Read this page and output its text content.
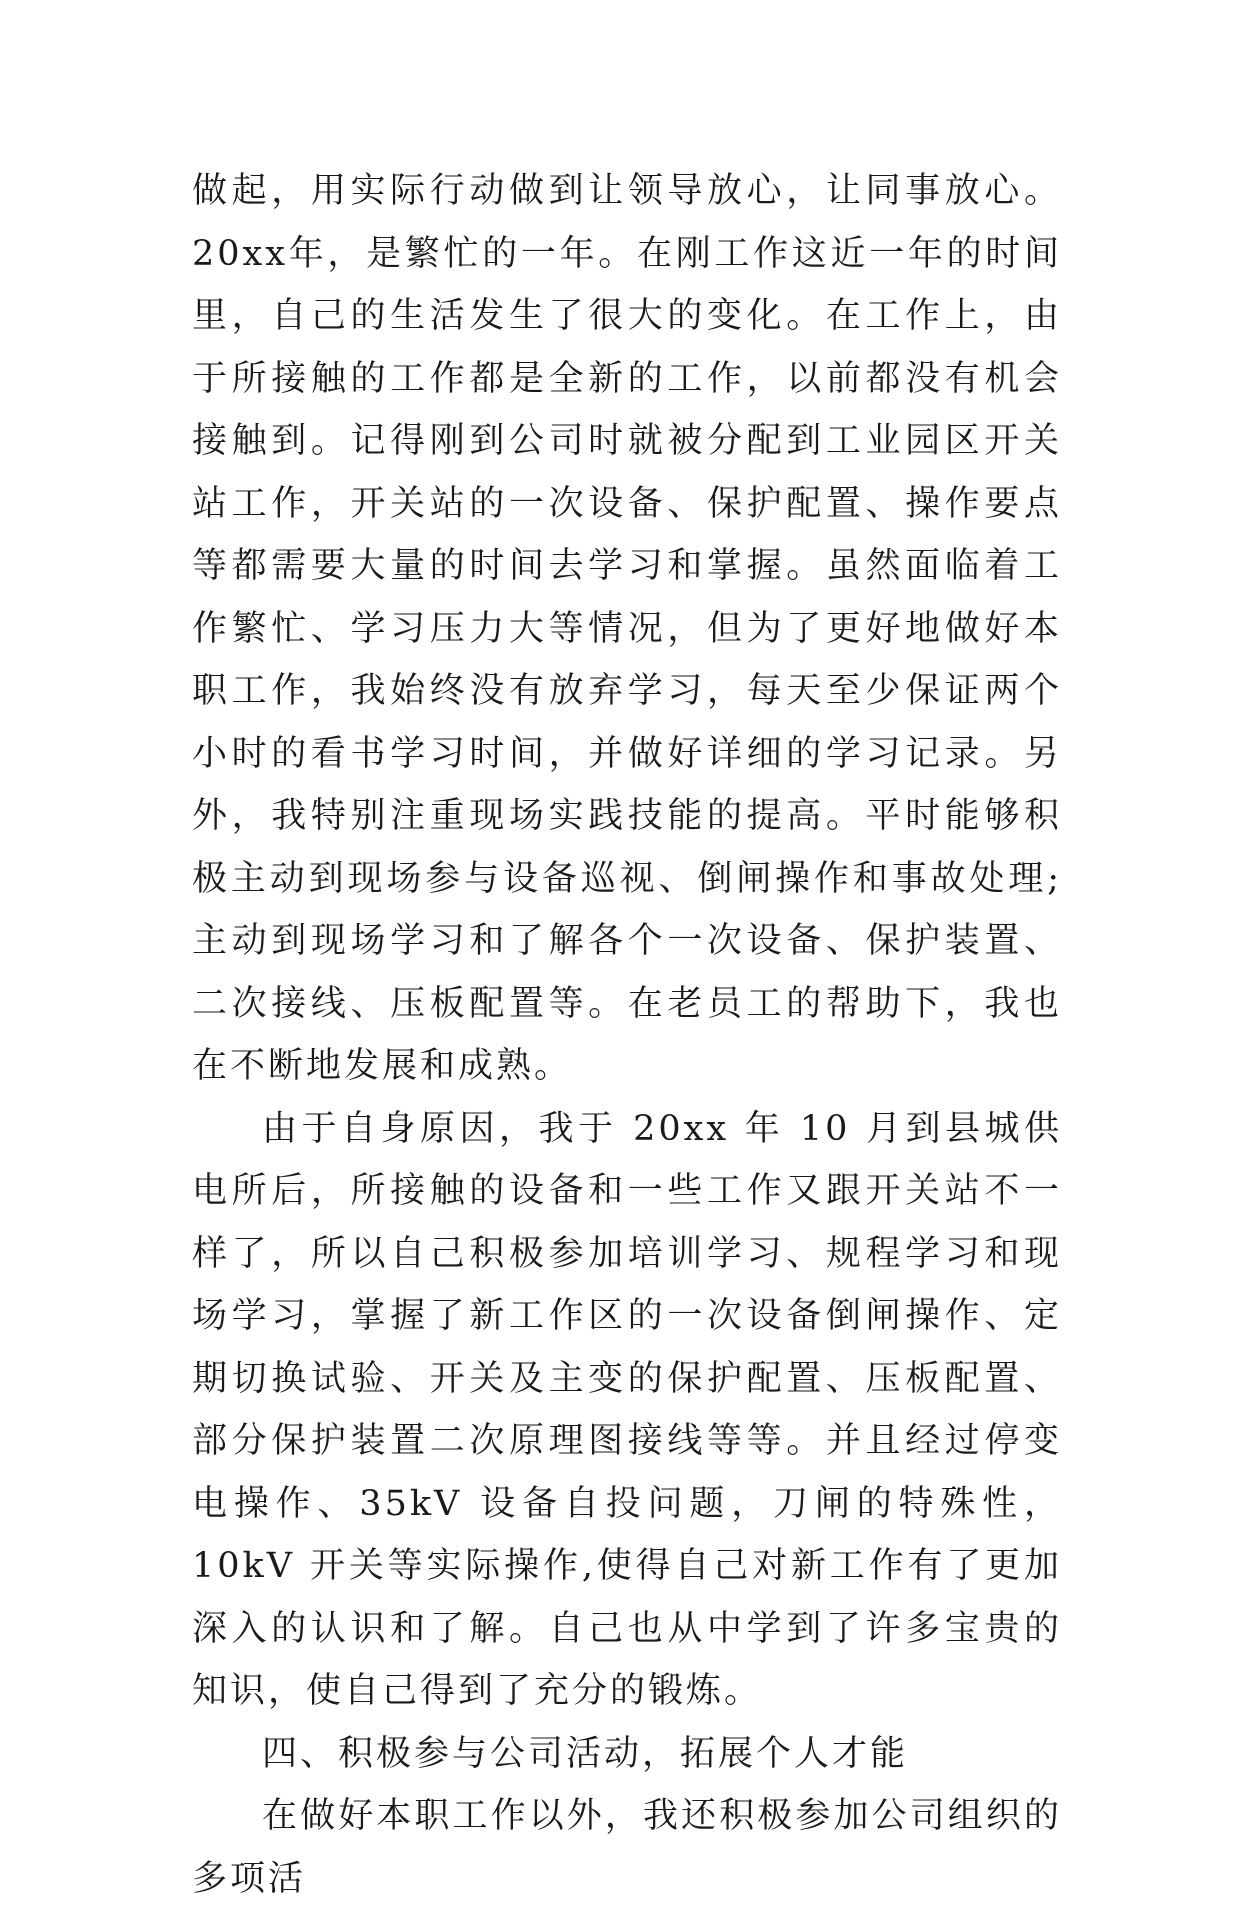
做起，用实际行动做到让领导放心，让同事放心。 20xx年，是繁忙的一年。在刚工作这近一年的时间里，自己的生活发生了很大的变化。在工作上，由于所接触的工作都是全新的工作，以前都没有机会接触到。记得刚到公司时就被分配到工业园区开关站工作，开关站的一次设备、保护配置、操作要点等都需要大量的时间去学习和掌握。虽然面临着工作繁忙、学习压力大等情况，但为了更好地做好本职工作，我始终没有放弃学习，每天至少保证两个小时的看书学习时间，并做好详细的学习记录。另外，我特别注重现场实践技能的提高。平时能够积极主动到现场参与设备巡视、倒闸操作和事故处理; 主动到现场学习和了解各个一次设备、保护装置、二次接线、压板配置等。在老员工的帮助下，我也在不断地发展和成熟。

由于自身原因，我于 20xx 年 10 月到县城供电所后，所接触的设备和一些工作又跟开关站不一样了，所以自己积极参加培训学习、规程学习和现场学习，掌握了新工作区的一次设备倒闸操作、定期切换试验、开关及主变的保护配置、压板配置、部分保护装置二次原理图接线等等。并且经过停变电操作、35kV 设备自投问题，刀闸的特殊性， 10kV 开关等实际操作,使得自己对新工作有了更加深入的认识和了解。自己也从中学到了许多宝贵的知识，使自己得到了充分的锻炼。

四、积极参与公司活动，拓展个人才能

在做好本职工作以外，我还积极参加公司组织的多项活
